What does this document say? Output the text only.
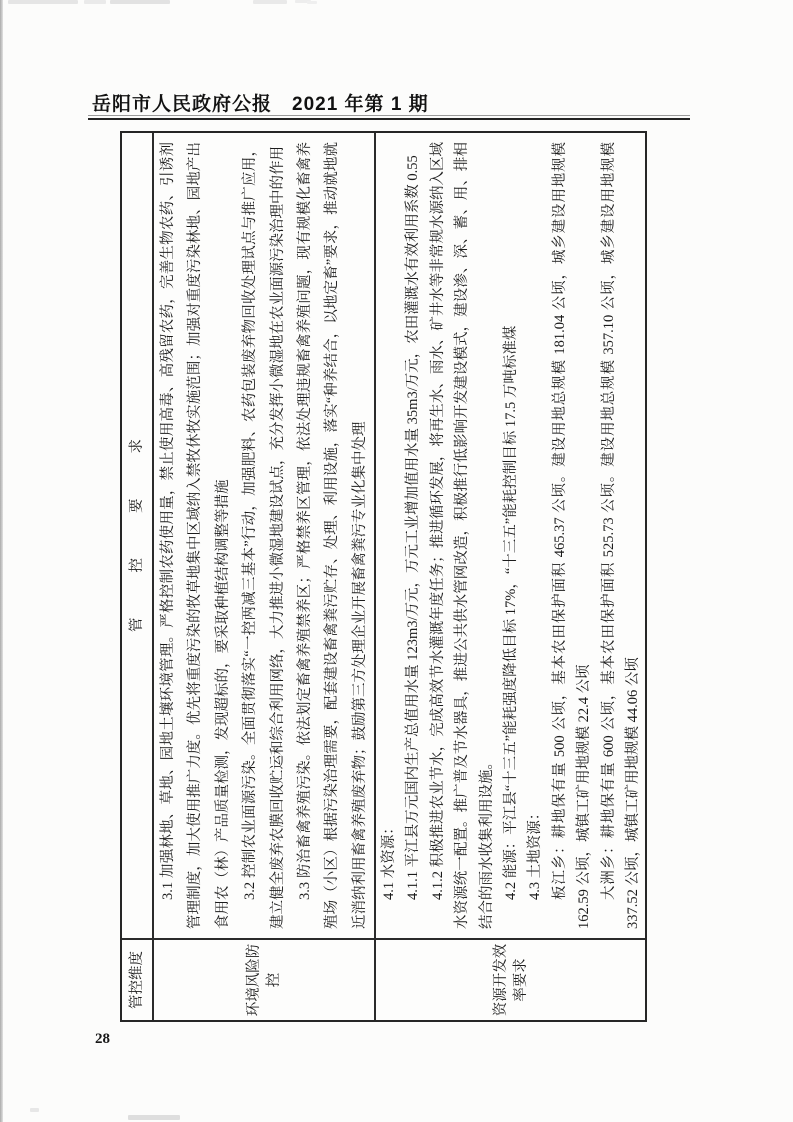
岳阳市人民政府公报　2021 年第 1 期
管控维度
管控要求
环境风险防控

3.1 加强林地、草地、园地土壤环境管理。严格控制农药使用量，禁止使用高毒、高残留农药，完善生物农药、引诱剂管理制度，加大使用推广力度。优先将重度污染的牧草地集中区域纳入禁牧休牧实施范围；加强对重度污染林地、园地产出食用农（林）产品质量检测，发现超标的，要采取种植结构调整等措施 3.2 控制农业面源污染。全面贯彻落实“一控两减三基本”行动，加强肥料、农药包装废弃物回收处理试点与推广应用，建立健全废弃农膜回收贮运和综合利用网络，大力推进小微湿地建设试点，充分发挥小微湿地在农业面源污染治理中的作用 3.3 防治畜禽养殖污染。依法划定畜禽养殖禁养区；严格禁养区管理，依法处理违规畜禽养殖问题，现有规模化畜禽养殖场（小区）根据污染治理需要，配套建设畜禽粪污贮存、处理、利用设施，落实“种养结合，以地定畜”要求，推动就地就近消纳利用畜禽养殖废弃物；鼓励第三方处理企业开展畜禽粪污专业化集中处理

资源开发效率要求

4.1 水资源： 4.1.1 平江县万元国内生产总值用水量 123m3/万元，万元工业增加值用水量 35m3/万元，农田灌溉水有效利用系数 0.55 4.1.2 积极推进农业节水，完成高效节水灌溉年度任务；推进循环发展，将再生水、雨水、矿井水等非常规水源纳入区域水资源统一配置。推广普及节水器具，推进公共供水管网改造，积极推行低影响开发建设模式，建设渗、深、蓄、用、排相结合的雨水收集利用设施。 4.2 能源：平江县“十三五”能耗强度降低目标 17%，“十三五”能耗控制目标 17.5 万吨标准煤 4.3 土地资源： 板江乡：耕地保有量 500 公顷，基本农田保护面积 465.37 公顷。建设用地总规模 181.04 公顷，城乡建设用地规模 162.59 公顷，城镇工矿用地规模 22.4 公顷 大洲乡：耕地保有量 600 公顷，基本农田保护面积 525.73 公顷。建设用地总规模 357.10 公顷，城乡建设用地规模 337.52 公顷，城镇工矿用地规模 44.06 公顷

28
